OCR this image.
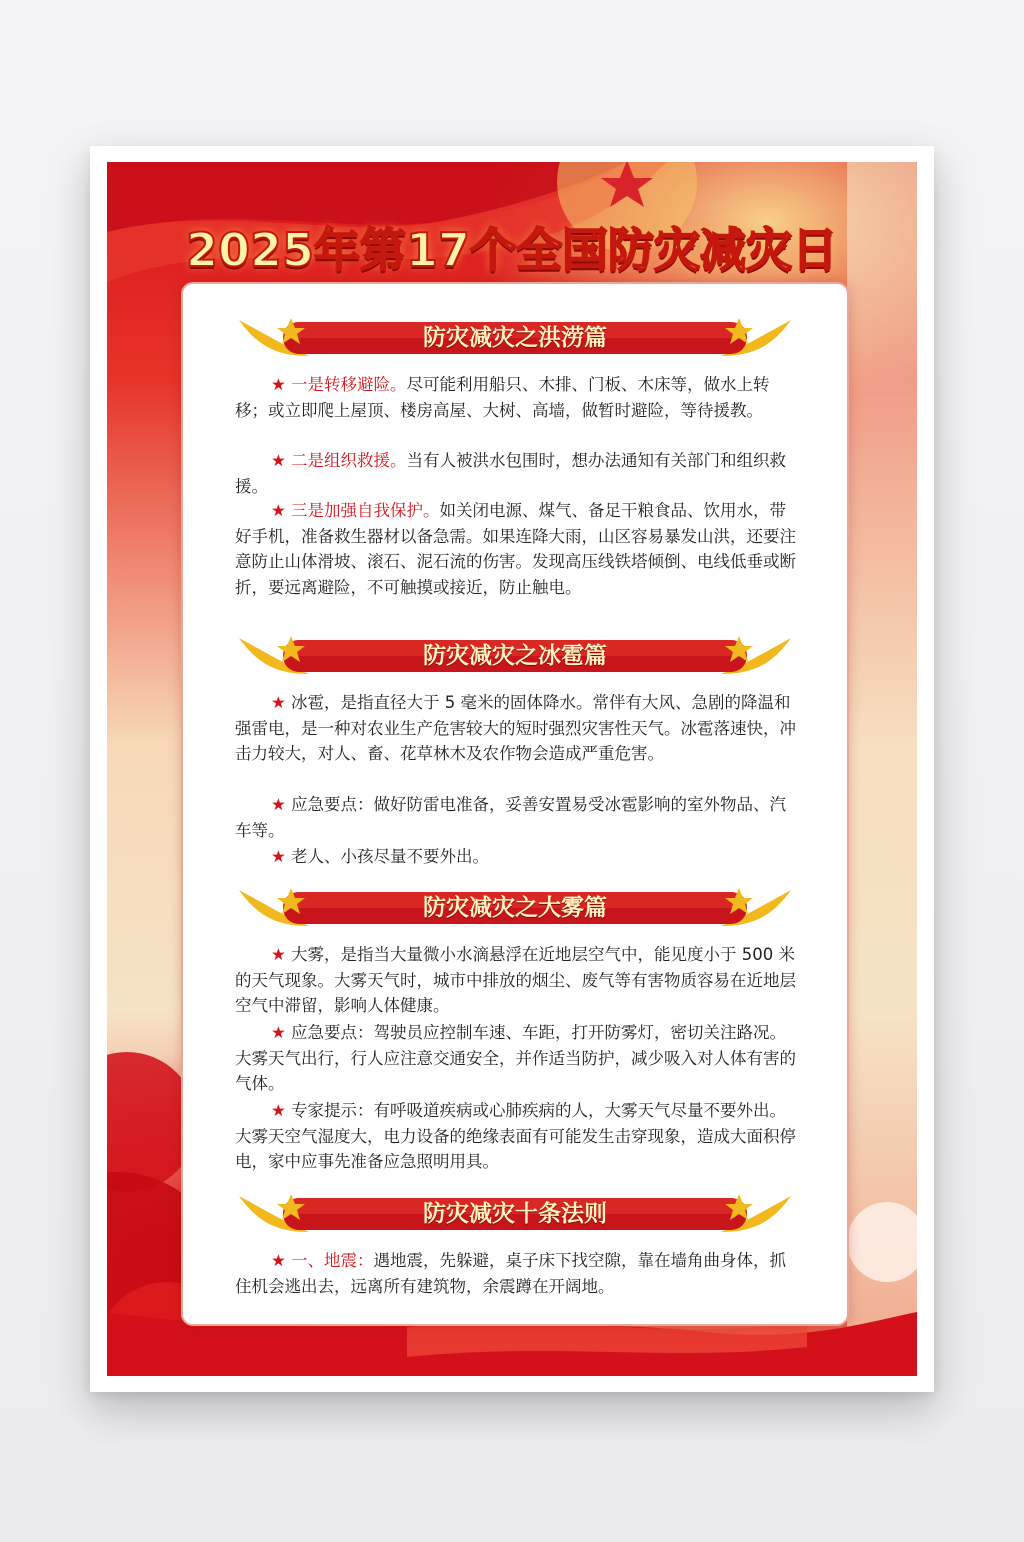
2025年第17个全国防灾减灾日
防灾减灾之洪涝篇

★ 一是转移避险。尽可能利用船只、木排、门板、木床等，做水上转移；或立即爬上屋顶、楼房高屋、大树、高墙，做暂时避险，等待援教。

★ 二是组织救援。当有人被洪水包围时，想办法通知有关部门和组织救援。

★ 三是加强自我保护。如关闭电源、煤气、备足干粮食品、饮用水，带好手机，准备救生器材以备急需。如果连降大雨，山区容易暴发山洪，还要注意防止山体滑坡、滚石、泥石流的伤害。发现高压线铁塔倾倒、电线低垂或断折，要远离避险，不可触摸或接近，防止触电。

防灾减灾之冰雹篇

★ 冰雹，是指直径大于 5 毫米的固体降水。常伴有大风、急剧的降温和强雷电，是一种对农业生产危害较大的短时强烈灾害性天气。冰雹落速快，冲击力较大，对人、畜、花草林木及农作物会造成严重危害。

★ 应急要点：做好防雷电准备，妥善安置易受冰雹影响的室外物品、汽车等。

★ 老人、小孩尽量不要外出。

防灾减灾之大雾篇

★ 大雾，是指当大量微小水滴悬浮在近地层空气中，能见度小于 500 米的天气现象。大雾天气时，城市中排放的烟尘、废气等有害物质容易在近地层空气中滞留，影响人体健康。

★ 应急要点：驾驶员应控制车速、车距，打开防雾灯，密切关注路况。大雾天气出行，行人应注意交通安全，并作适当防护，减少吸入对人体有害的气体。

★ 专家提示：有呼吸道疾病或心肺疾病的人，大雾天气尽量不要外出。大雾天空气湿度大，电力设备的绝缘表面有可能发生击穿现象，造成大面积停电，家中应事先准备应急照明用具。

防灾减灾十条法则

★ 一、地震：遇地震，先躲避，桌子床下找空隙，靠在墙角曲身体，抓住机会逃出去，远离所有建筑物，余震蹲在开阔地。
